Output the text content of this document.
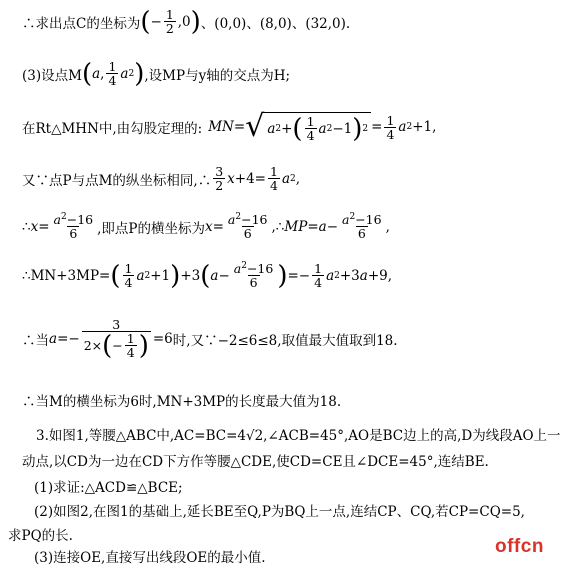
∴求出点C的坐标为 ( − $\frac{1}{2} ,0$ ) 、(0,0)、(8,0)、(32,0).
(3)设点M ( a , $\frac{1}{4}$ a 2 ) ,设MP与y轴的交点为H;
在Rt△MHN中,由勾股定理的: MN = √ a 2 + ( $\frac{1}{4}$ a 2 −1 ) $2 = \frac{1}{4}$ a 2 +1,
又∵点P与点M的纵坐标相同,∴ $\frac{3}{2}$ $x +4= \frac{1}{4}$ a 2 ,
∴ $x = \frac{a^2-16}{6}$ ,即点P的横坐标为 $x = \frac{a^2-16}{6}$ ,∴ MP = $a - \frac{a^2-16}{6}$ ,
∴MN+3MP= ( $\frac{1}{4}$ a 2 +1 ) +3 ( $a - \frac{a^2-16}{6}$ ) =− $\frac{1}{4}$ a 2 +3 a +9,
∴当 $a =- \frac{3}{2\times ( - \frac{1}{4} )} =6$ 时,又∵−2≤6≤8,取值最大值取到18.
∴当M的横坐标为6时,MN+3MP的长度最大值为18.
3.如图1,等腰△ABC中,AC=BC=4√2,∠ACB=45°,AO是BC边上的高,D为线段AO上一
动点,以CD为一边在CD下方作等腰△CDE,使CD=CE且∠DCE=45°,连结BE.
(1)求证:△ACD≌△BCE;
(2)如图2,在图1的基础上,延长BE至Q,P为BQ上一点,连结CP、CQ,若CP=CQ=5,
求PQ的长.
(3)连接OE,直接写出线段OE的最小值.
offcn
